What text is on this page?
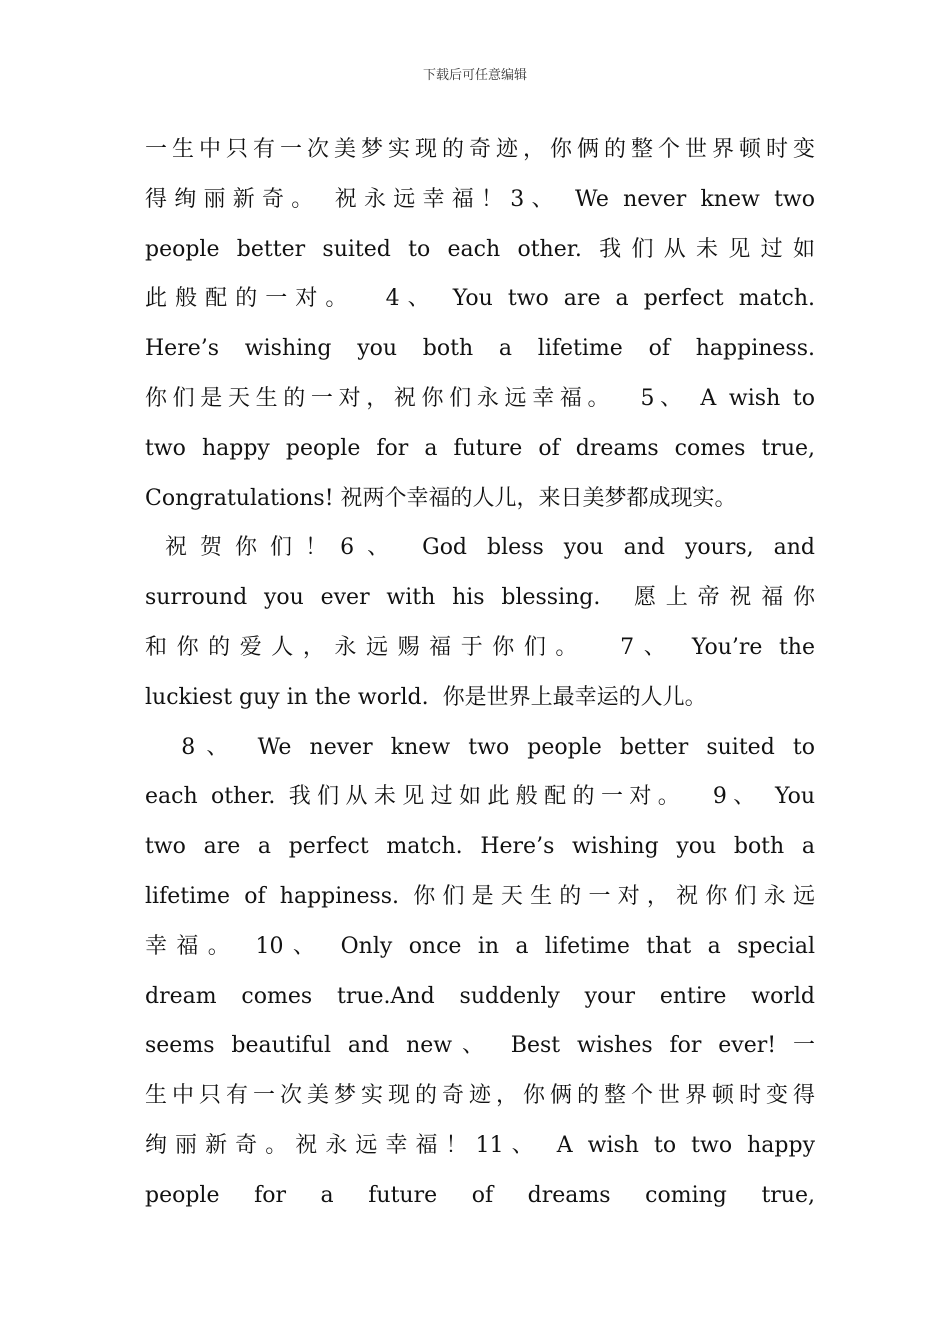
下载后可任意编辑
一生中只有一次美梦实现的奇迹，你俩的整个世界顿时变
得绚丽新奇。 祝永远幸福！3、 We never knew two
people better suited to each other. 我们从未见过如
此般配的一对。  4、 You two are a perfect match.
Here’s wishing you both a lifetime of happiness.
你们是天生的一对，祝你们永远幸福。  5、 A wish to
two happy people for a future of dreams comes true,
Congratulations! 祝两个幸福的人儿，来日美梦都成现实。
祝贺你们！6、 God bless you and yours, and
surround you ever with his blessing.  愿上帝祝福你
和你的爱人，永远赐福于你们。  7、 You’re the
luckiest guy in the world.  你是世界上最幸运的人儿。
8、 We never knew two people better suited to
each other. 我们从未见过如此般配的一对。  9、 You
two are a perfect match. Here’s wishing you both a
lifetime of happiness. 你们是天生的一对，祝你们永远
幸福。 10、 Only once in a lifetime that a special
dream comes true.And suddenly your entire world
seems beautiful and new、 Best wishes for ever! 一
生中只有一次美梦实现的奇迹，你俩的整个世界顿时变得
绚丽新奇。祝永远幸福！11、 A wish to two happy
people for a future of dreams coming true,
